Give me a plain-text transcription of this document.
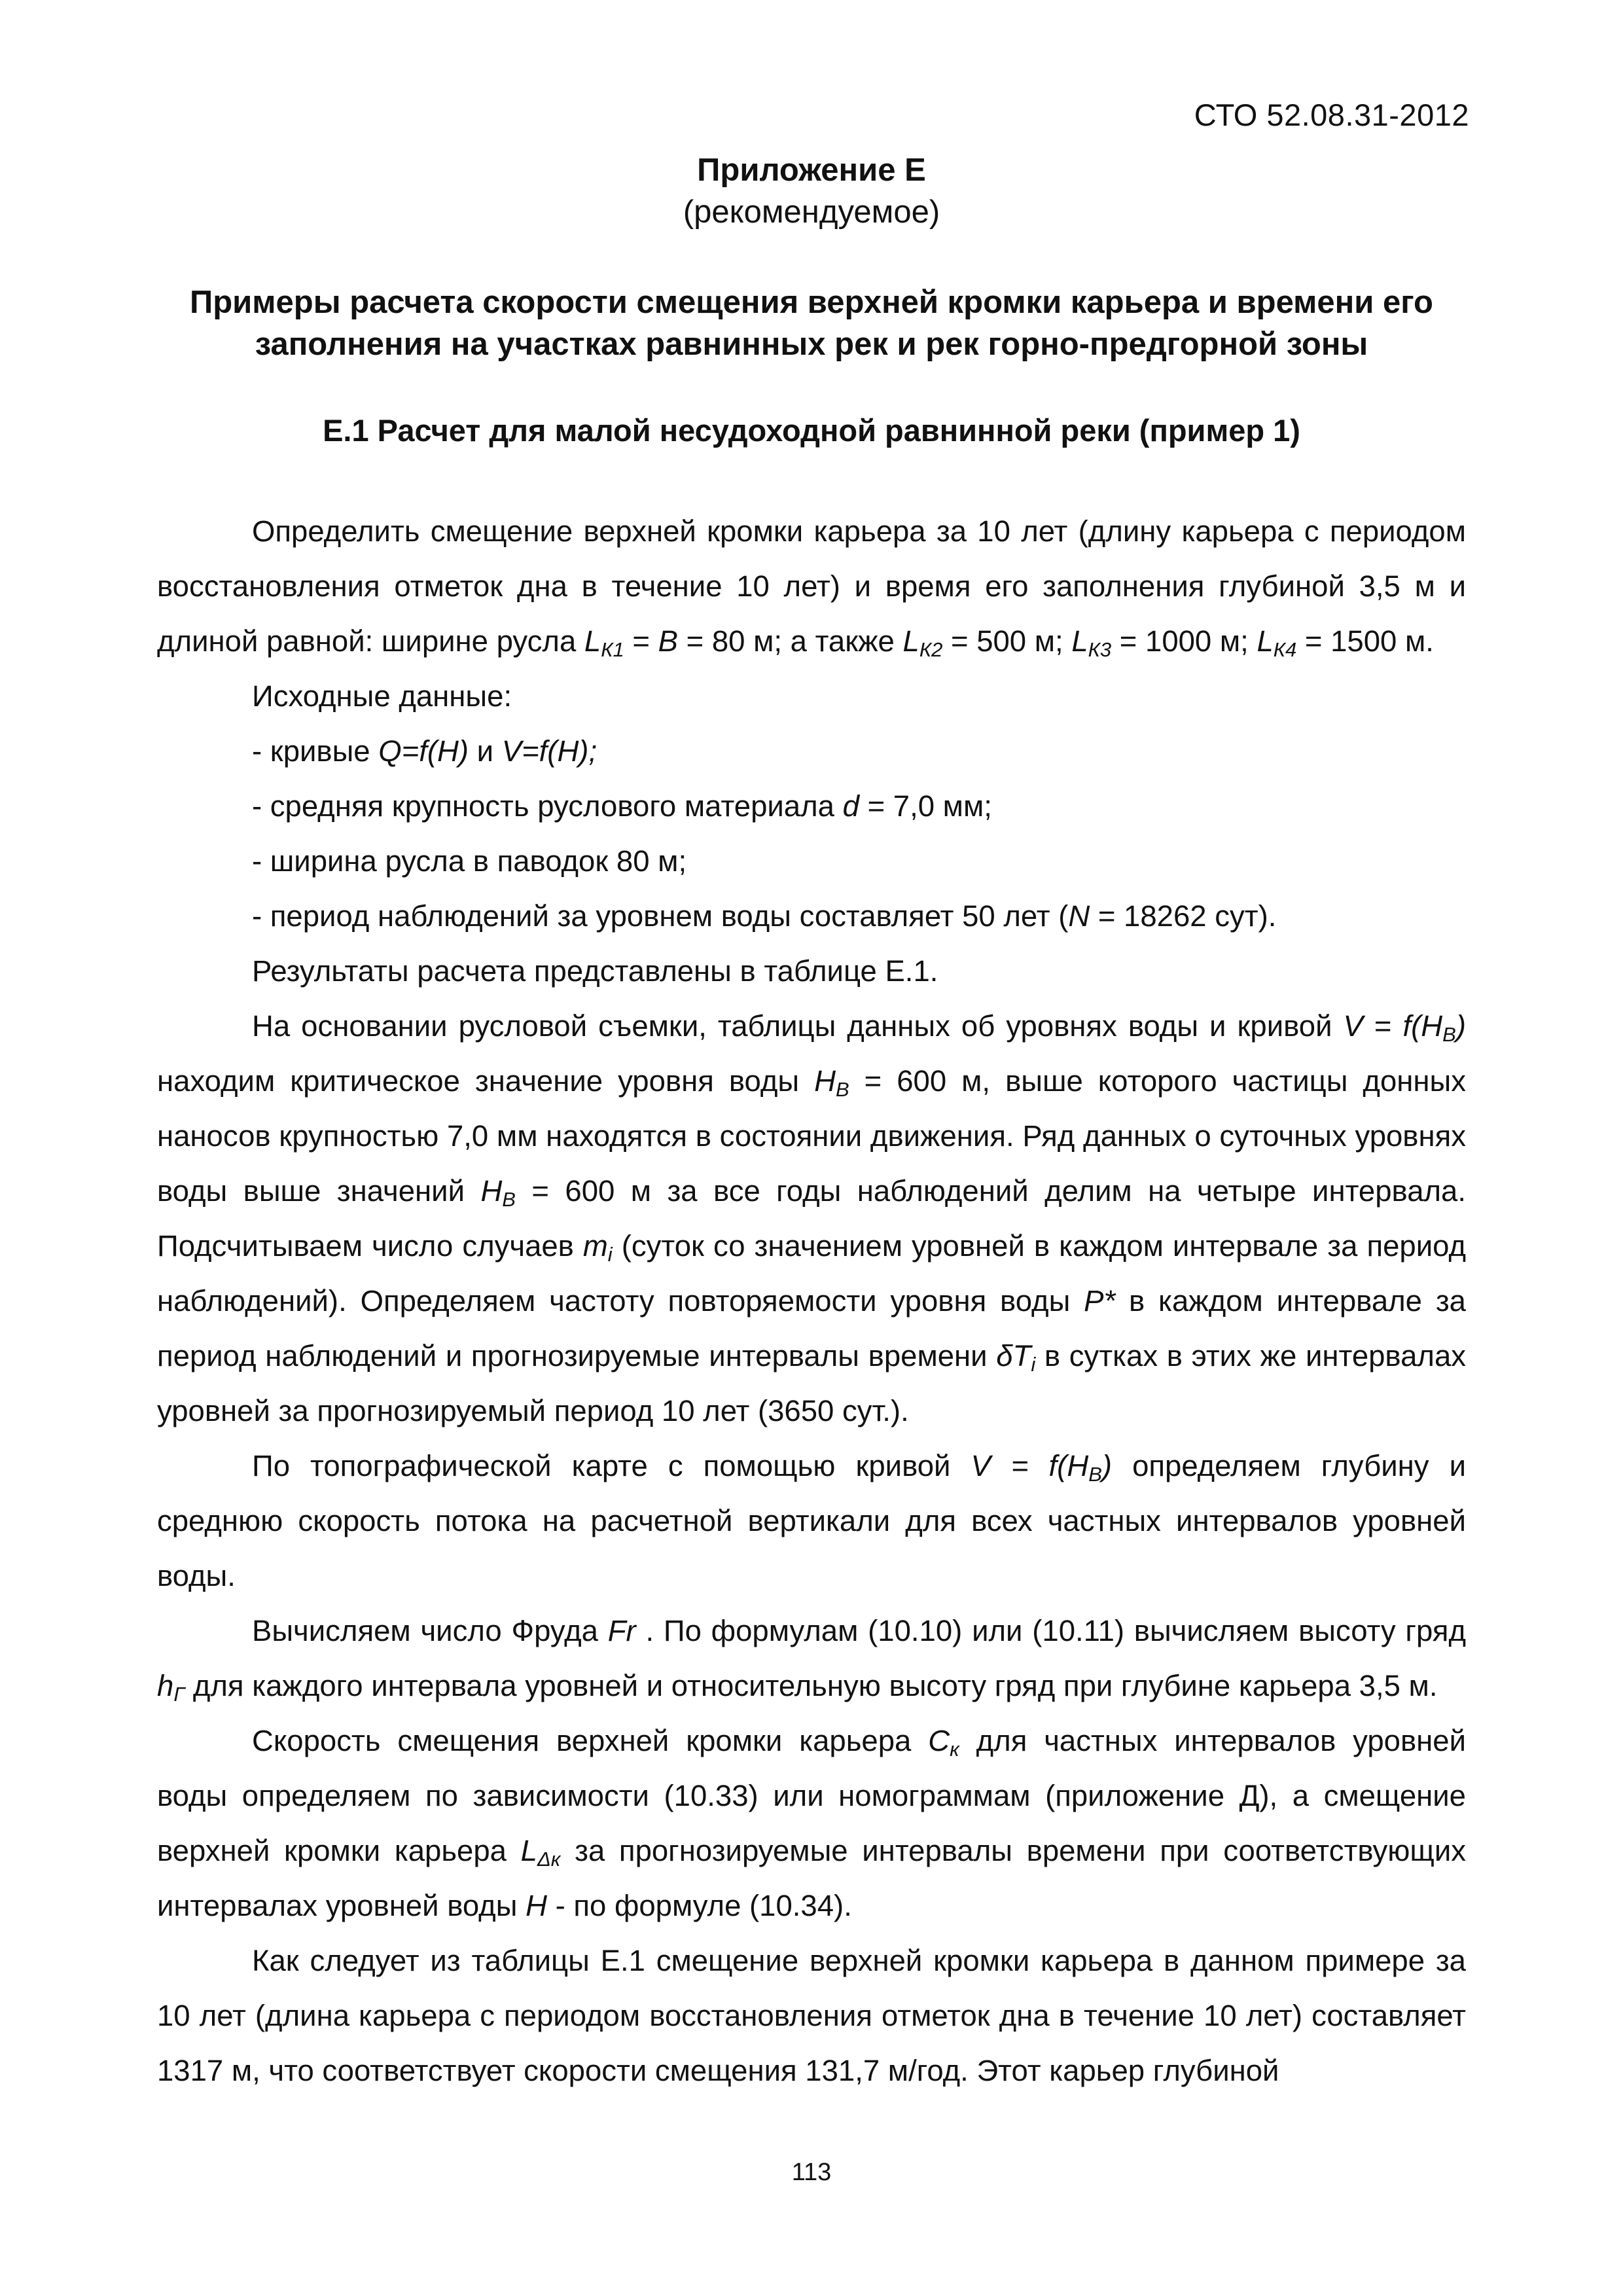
СТО 52.08.31-2012
Приложение Е
(рекомендуемое)
Примеры расчета скорости смещения верхней кромки карьера и времени его
заполнения на участках равнинных рек и рек горно-предгорной зоны
Е.1 Расчет для малой несудоходной равнинной реки (пример 1)

Определить смещение верхней кромки карьера за 10 лет (длину карьера с периодом восстановления отметок дна в течение 10 лет) и время его заполнения глубиной 3,5 м и длиной равной: ширине русла $L_{К1} = B = 80$ м; а также $L_{К2} = 500$ м; $L_{К3} = 1000$ м; $L_{К4} = 1500$ м.

Исходные данные:

- кривые Q=f(H) и V=f(H);

- средняя крупность руслового материала d = 7,0 мм;

- ширина русла в паводок 80 м;

- период наблюдений за уровнем воды составляет 50 лет (N = 18262 сут).

Результаты расчета представлены в таблице Е.1.

На основании русловой съемки, таблицы данных об уровнях воды и кривой $V = f(H_В)$ находим критическое значение уровня воды $H_В = 600$ м, выше которого частицы донных наносов крупностью 7,0 мм находятся в состоянии движения. Ряд данных о суточных уровнях воды выше значений $H_В = 600$ м за все годы наблюдений делим на четыре интервала. Подсчитываем число случаев $m_i$ (суток со значением уровней в каждом интервале за период наблюдений). Определяем частоту повторяемости уровня воды P* в каждом интервале за период наблюдений и прогнозируемые интервалы времени $\delta T_i$ в сутках в этих же интервалах уровней за прогнозируемый период 10 лет (3650 сут.).

По топографической карте с помощью кривой $V = f(H_В)$ определяем глубину и среднюю скорость потока на расчетной вертикали для всех частных интервалов уровней воды.

Вычисляем число Фруда Fr . По формулам (10.10) или (10.11) вычисляем высоту гряд $h_Г$ для каждого интервала уровней и относительную высоту гряд при глубине карьера 3,5 м.

Скорость смещения верхней кромки карьера $C_к$ для частных интервалов уровней воды определяем по зависимости (10.33) или номограммам (приложение Д), а смещение верхней кромки карьера $L_{\Delta к}$ за прогнозируемые интервалы времени при соответствующих интервалах уровней воды H - по формуле (10.34).

Как следует из таблицы Е.1 смещение верхней кромки карьера в данном примере за 10 лет (длина карьера с периодом восстановления отметок дна в течение 10 лет) составляет 1317 м, что соответствует скорости смещения 131,7 м/год. Этот карьер глубиной

113
